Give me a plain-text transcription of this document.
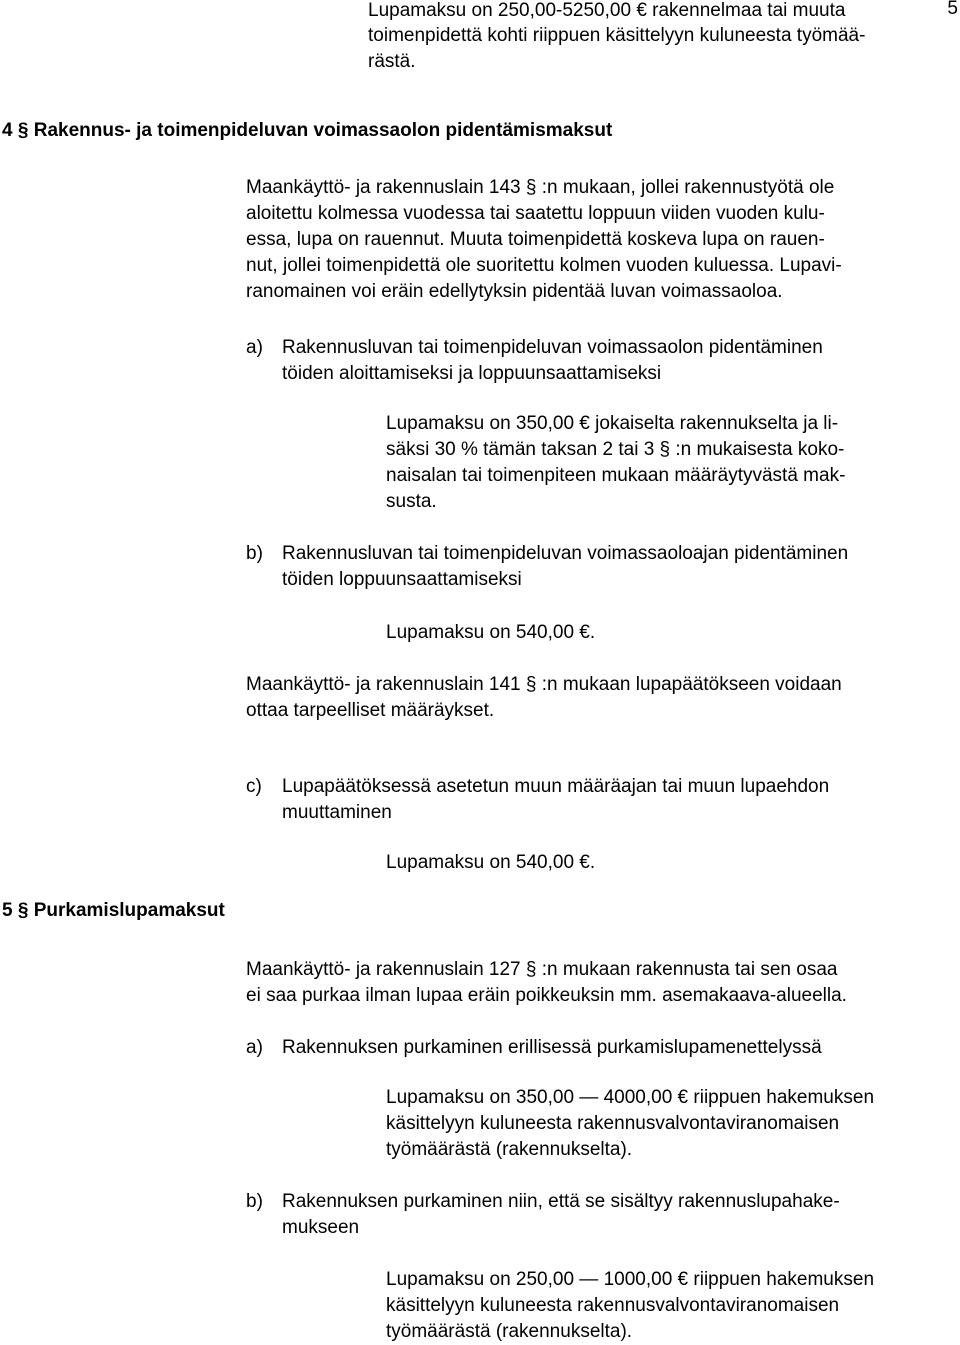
5
Lupamaksu on 250,00-5250,00 € rakennelmaa tai muuta
toimenpidettä kohti riippuen käsittelyyn kuluneesta työmää-
rästä.
4 § Rakennus- ja toimenpideluvan voimassaolon pidentämismaksut
Maankäyttö- ja rakennuslain 143 § :n mukaan, jollei rakennustyötä ole
aloitettu kolmessa vuodessa tai saatettu loppuun viiden vuoden kulu-
essa, lupa on rauennut. Muuta toimenpidettä koskeva lupa on rauen-
nut, jollei toimenpidettä ole suoritettu kolmen vuoden kuluessa. Lupavi-
ranomainen voi eräin edellytyksin pidentää luvan voimassaoloa.
a) Rakennusluvan tai toimenpideluvan voimassaolon pidentäminen
töiden aloittamiseksi ja loppuunsaattamiseksi
Lupamaksu on 350,00 € jokaiselta rakennukselta ja li-
säksi 30 % tämän taksan 2 tai 3 § :n mukaisesta koko-
naisalan tai toimenpiteen mukaan määräytyvästä mak-
susta.
b) Rakennusluvan tai toimenpideluvan voimassaoloajan pidentäminen
töiden loppuunsaattamiseksi
Lupamaksu on 540,00 €.
Maankäyttö- ja rakennuslain 141 § :n mukaan lupapäätökseen voidaan
ottaa tarpeelliset määräykset.
c) Lupapäätöksessä asetetun muun määräajan tai muun lupaehdon
muuttaminen
Lupamaksu on 540,00 €.
5 § Purkamislupamaksut
Maankäyttö- ja rakennuslain 127 § :n mukaan rakennusta tai sen osaa
ei saa purkaa ilman lupaa eräin poikkeuksin mm. asemakaava-alueella.
a) Rakennuksen purkaminen erillisessä purkamislupamenettelyssä
Lupamaksu on 350,00 — 4000,00 € riippuen hakemuksen
käsittelyyn kuluneesta rakennusvalvontaviranomaisen
työmäärästä (rakennukselta).
b) Rakennuksen purkaminen niin, että se sisältyy rakennuslupahake-
mukseen
Lupamaksu on 250,00 — 1000,00 € riippuen hakemuksen
käsittelyyn kuluneesta rakennusvalvontaviranomaisen
työmäärästä (rakennukselta).
